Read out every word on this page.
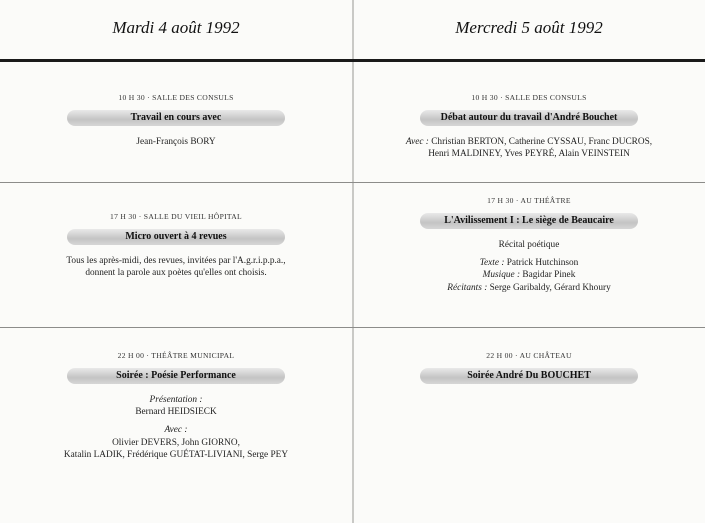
Mardi 4 août 1992
10 H 30 · SALLE DES CONSULS
Travail en cours avec
Jean-François BORY
17 H 30 · SALLE DU VIEIL HÔPITAL
Micro ouvert à 4 revues
Tous les après-midi, des revues, invitées par l'A.g.r.i.p.p.a.,
donnent la parole aux poètes qu'elles ont choisis.
22 H 00 · THÉÂTRE MUNICIPAL
Soirée : Poésie Performance
Présentation :
Bernard HEIDSIECK
Avec :
Olivier DEVERS, John GIORNO,
Katalin LADIK, Frédérique GUÉTAT-LIVIANI, Serge PEY
Mercredi 5 août 1992
10 H 30 · SALLE DES CONSULS
Débat autour du travail d'André Bouchet
Avec : Christian BERTON, Catherine CYSSAU, Franc DUCROS,
Henri MALDINEY, Yves PEYRÉ, Alain VEINSTEIN
17 H 30 · AU THÉÂTRE
L'Avilissement I : Le siège de Beaucaire
Récital poétique
Texte : Patrick Hutchinson
Musique : Bagidar Pinek
Récitants : Serge Garibaldy, Gérard Khoury
22 H 00 · AU CHÂTEAU
Soirée André Du BOUCHET
